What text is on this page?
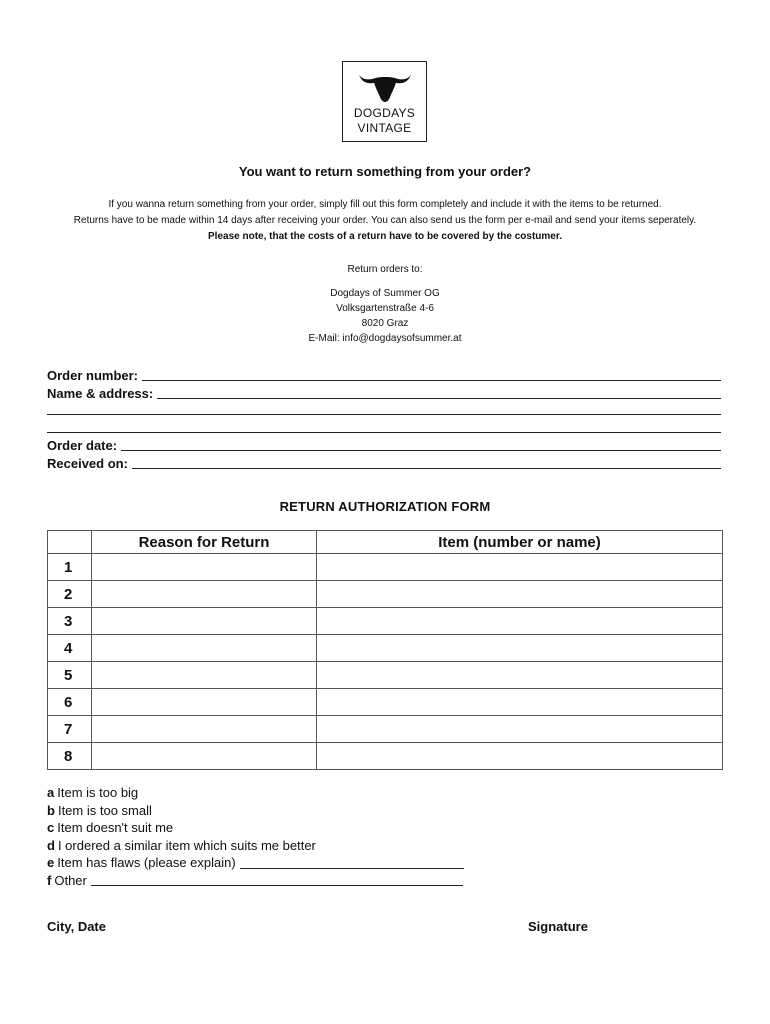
DOGDAYS
VINTAGE
You want to return something from your order?
If you wanna return something from your order, simply fill out this form completely and include it with the items to be returned.
Returns have to be made within 14 days after receiving your order. You can also send us the form per e-mail and send your items seperately.
Please note, that the costs of a return have to be covered by the costumer.
Return orders to:
Dogdays of Summer OG
Volksgartenstraße 4-6
8020 Graz
E-Mail: info@dogdaysofsummer.at
Order number:
Name & address:
Order date:
Received on:
RETURN AUTHORIZATION FORM
	Reason for Return	Item (number or name)
1		
2		
3		
4		
5		
6		
7		
8		
a Item is too big
b Item is too small
c Item doesn't suit me
d I ordered a similar item which suits me better
e Item has flaws (please explain)
f Other
City, Date	Signature
